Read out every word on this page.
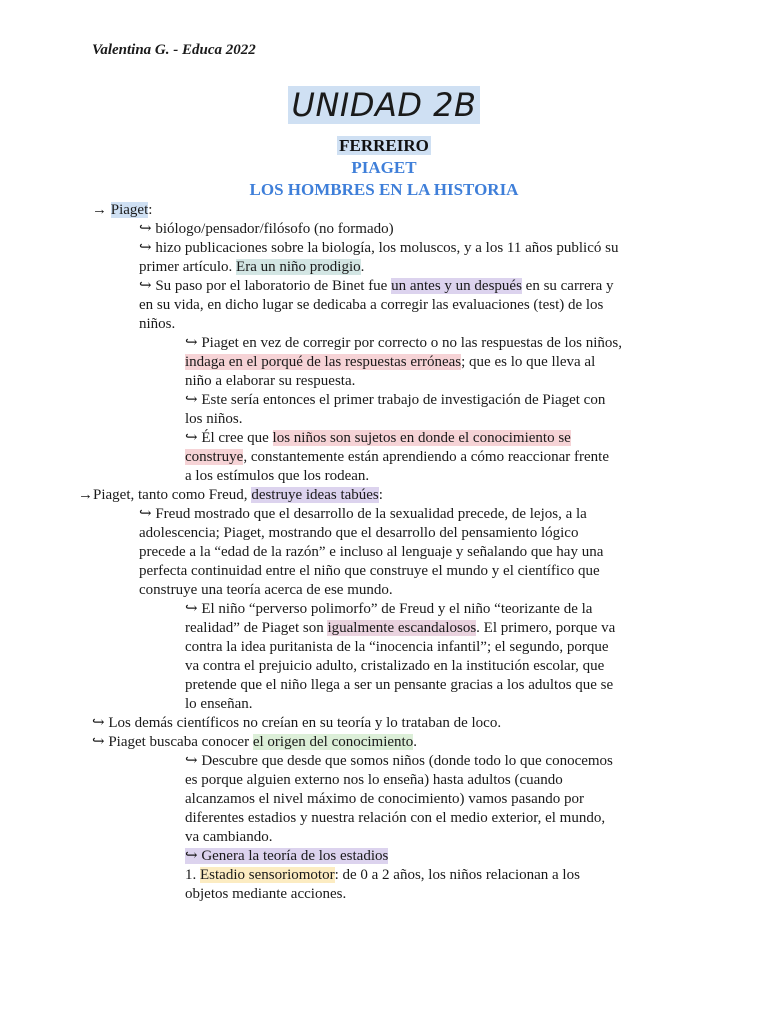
Valentina G. - Educa 2022
UNIDAD 2B
FERREIRO
PIAGET
LOS HOMBRES EN LA HISTORIA

→ Piaget:

↪ biólogo/pensador/filósofo (no formado)

↪ hizo publicaciones sobre la biología, los moluscos, y a los 11 años publicó su

primer artículo. Era un niño prodigio.

↪ Su paso por el laboratorio de Binet fue un antes y un después en su carrera y

en su vida, en dicho lugar se dedicaba a corregir las evaluaciones (test) de los

niños.

↪ Piaget en vez de corregir por correcto o no las respuestas de los niños,

indaga en el porqué de las respuestas erróneas; que es lo que lleva al

niño a elaborar su respuesta.

↪ Este sería entonces el primer trabajo de investigación de Piaget con

los niños.

↪ Él cree que los niños son sujetos en donde el conocimiento se

construye, constantemente están aprendiendo a cómo reaccionar frente

a los estímulos que los rodean.

→Piaget, tanto como Freud, destruye ideas tabúes:

↪ Freud mostrado que el desarrollo de la sexualidad precede, de lejos, a la

adolescencia; Piaget, mostrando que el desarrollo del pensamiento lógico

precede a la “edad de la razón” e incluso al lenguaje y señalando que hay una

perfecta continuidad entre el niño que construye el mundo y el científico que

construye una teoría acerca de ese mundo.

↪ El niño “perverso polimorfo” de Freud y el niño “teorizante de la

realidad” de Piaget son igualmente escandalosos. El primero, porque va

contra la idea puritanista de la “inocencia infantil”; el segundo, porque

va contra el prejuicio adulto, cristalizado en la institución escolar, que

pretende que el niño llega a ser un pensante gracias a los adultos que se

lo enseñan.

↪ Los demás científicos no creían en su teoría y lo trataban de loco.

↪ Piaget buscaba conocer el origen del conocimiento.

↪ Descubre que desde que somos niños (donde todo lo que conocemos

es porque alguien externo nos lo enseña) hasta adultos (cuando

alcanzamos el nivel máximo de conocimiento) vamos pasando por

diferentes estadios y nuestra relación con el medio exterior, el mundo,

va cambiando.

↪ Genera la teoría de los estadios

1. Estadio sensoriomotor: de 0 a 2 años, los niños relacionan a los

objetos mediante acciones.
